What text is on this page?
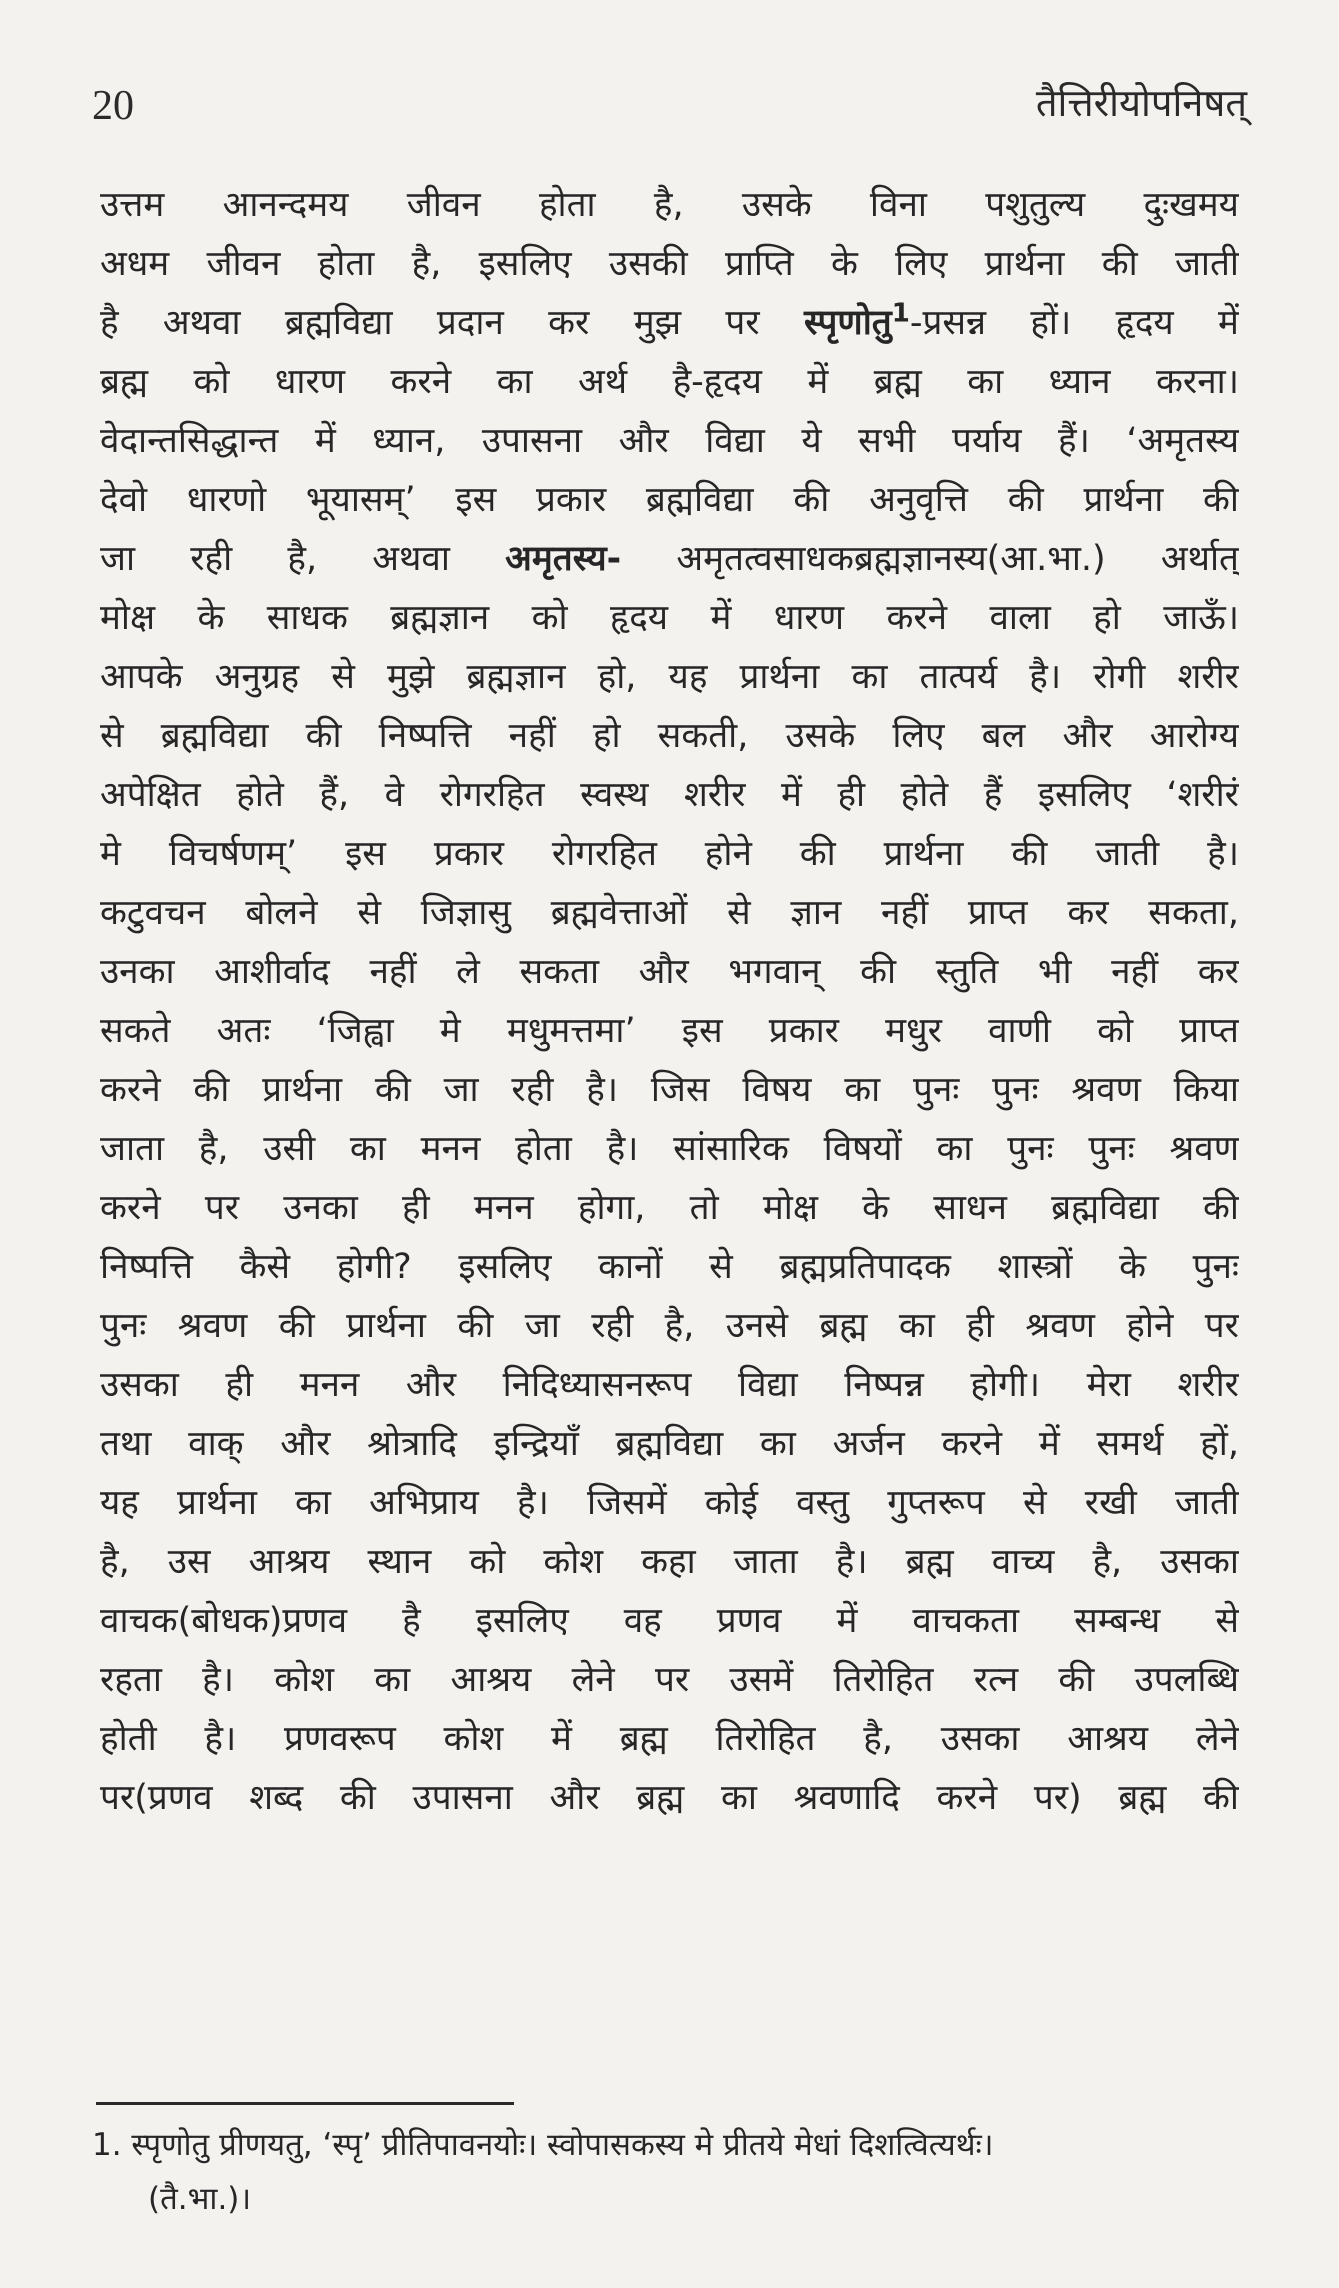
20	तैत्तिरीयोपनिषत्
उत्तम आनन्दमय जीवन होता है, उसके विना पशुतुल्य दुःखमय
अधम जीवन होता है, इसलिए उसकी प्राप्ति के लिए प्रार्थना की जाती
है अथवा ब्रह्मविद्या प्रदान कर मुझ पर स्पृणोतु$^1$-प्रसन्न हों। हृदय में
ब्रह्म को धारण करने का अर्थ है-हृदय में ब्रह्म का ध्यान करना।
वेदान्तसिद्धान्त में ध्यान, उपासना और विद्या ये सभी पर्याय हैं। ‘अमृतस्य
देवो धारणो भूयासम्’ इस प्रकार ब्रह्मविद्या की अनुवृत्ति की प्रार्थना की
जा रही है, अथवा अमृतस्य- अमृतत्वसाधकब्रह्मज्ञानस्य(आ.भा.) अर्थात्
मोक्ष के साधक ब्रह्मज्ञान को हृदय में धारण करने वाला हो जाऊँ।
आपके अनुग्रह से मुझे ब्रह्मज्ञान हो, यह प्रार्थना का तात्पर्य है। रोगी शरीर
से ब्रह्मविद्या की निष्पत्ति नहीं हो सकती, उसके लिए बल और आरोग्य
अपेक्षित होते हैं, वे रोगरहित स्वस्थ शरीर में ही होते हैं इसलिए ‘शरीरं
मे विचर्षणम्’ इस प्रकार रोगरहित होने की प्रार्थना की जाती है।
कटुवचन बोलने से जिज्ञासु ब्रह्मवेत्ताओं से ज्ञान नहीं प्राप्त कर सकता,
उनका आशीर्वाद नहीं ले सकता और भगवान् की स्तुति भी नहीं कर
सकते अतः ‘जिह्वा मे मधुमत्तमा’ इस प्रकार मधुर वाणी को प्राप्त
करने की प्रार्थना की जा रही है। जिस विषय का पुनः पुनः श्रवण किया
जाता है, उसी का मनन होता है। सांसारिक विषयों का पुनः पुनः श्रवण
करने पर उनका ही मनन होगा, तो मोक्ष के साधन ब्रह्मविद्या की
निष्पत्ति कैसे होगी? इसलिए कानों से ब्रह्मप्रतिपादक शास्त्रों के पुनः
पुनः श्रवण की प्रार्थना की जा रही है, उनसे ब्रह्म का ही श्रवण होने पर
उसका ही मनन और निदिध्यासनरूप विद्या निष्पन्न होगी। मेरा शरीर
तथा वाक् और श्रोत्रादि इन्द्रियाँ ब्रह्मविद्या का अर्जन करने में समर्थ हों,
यह प्रार्थना का अभिप्राय है। जिसमें कोई वस्तु गुप्तरूप से रखी जाती
है, उस आश्रय स्थान को कोश कहा जाता है। ब्रह्म वाच्य है, उसका
वाचक(बोधक)प्रणव है इसलिए वह प्रणव में वाचकता सम्बन्ध से
रहता है। कोश का आश्रय लेने पर उसमें तिरोहित रत्न की उपलब्धि
होती है। प्रणवरूप कोश में ब्रह्म तिरोहित है, उसका आश्रय लेने
पर(प्रणव शब्द की उपासना और ब्रह्म का श्रवणादि करने पर) ब्रह्म की
1. स्पृणोतु प्रीणयतु, ‘स्पृ’ प्रीतिपावनयोः। स्वोपासकस्य मे प्रीतये मेधां दिशत्वित्यर्थः।
(तै.भा.)।
